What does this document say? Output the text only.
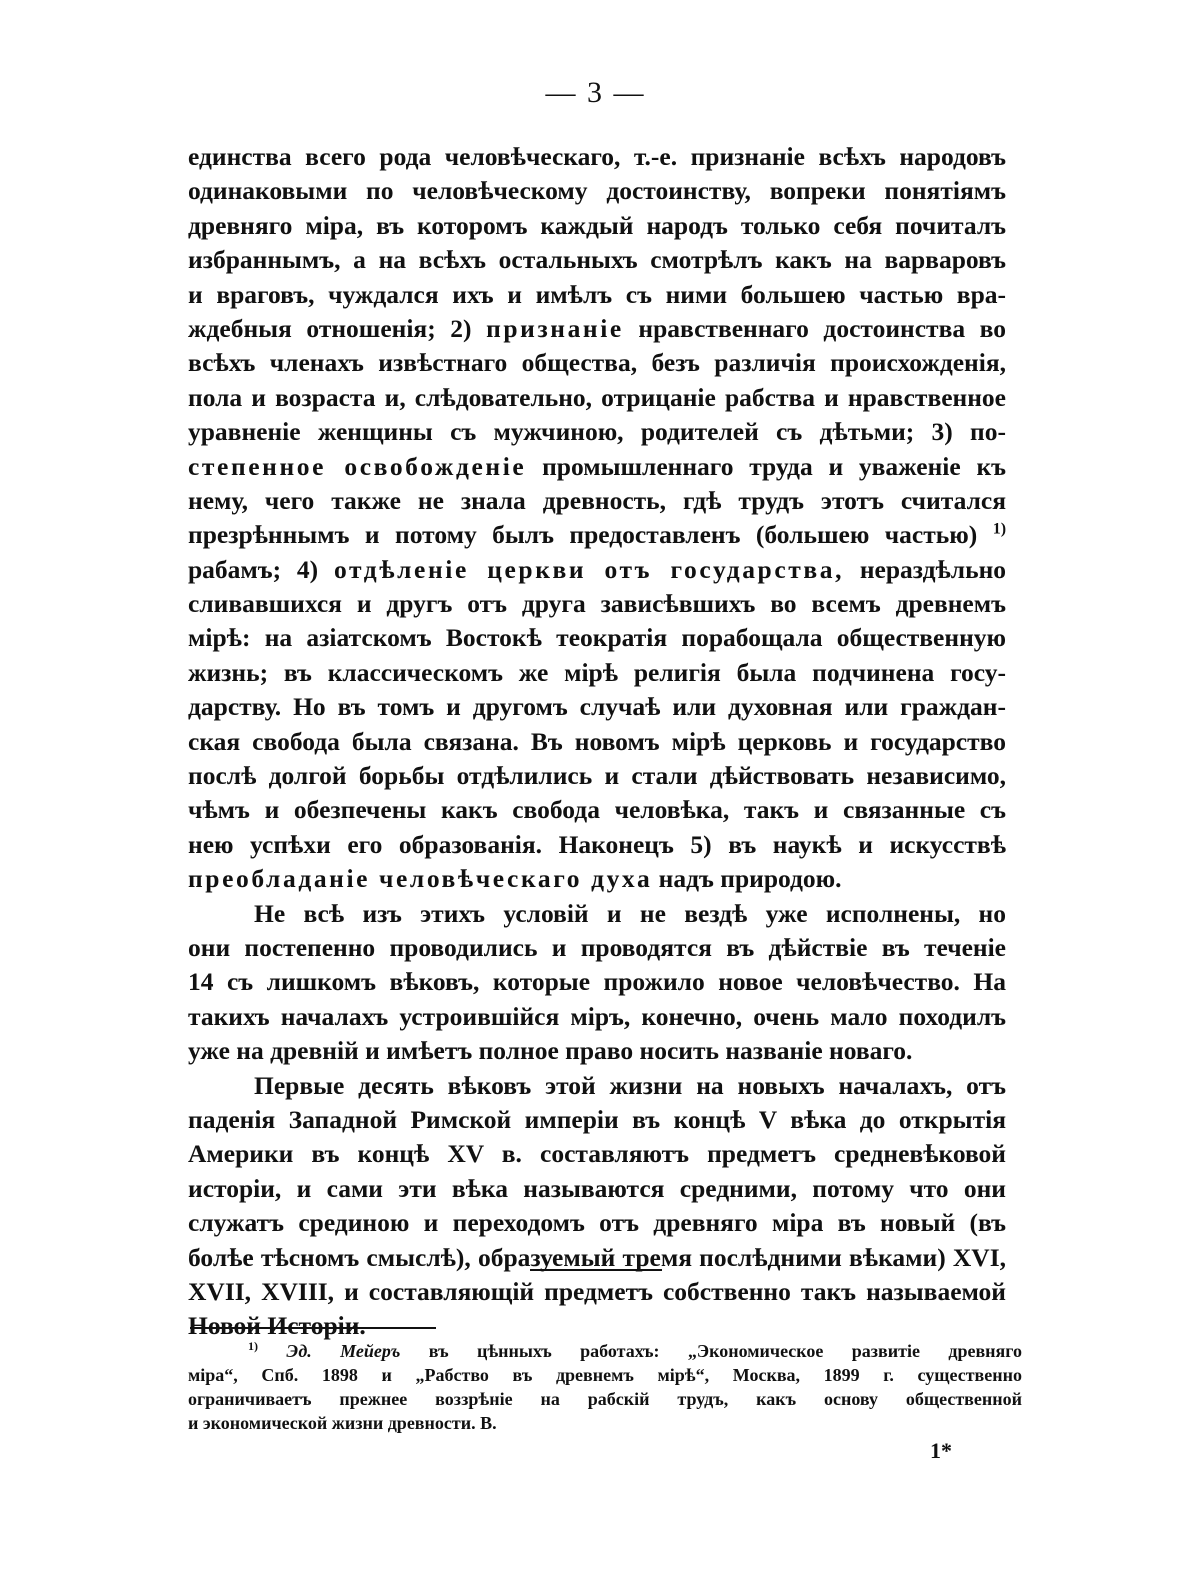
— 3 —
единства всего рода человѣческаго, т.-е. признаніе всѣхъ народовъ
одинаковыми по человѣческому достоинству, вопреки понятіямъ
древняго міра, въ которомъ каждый народъ только себя почиталъ
избраннымъ, а на всѣхъ остальныхъ смотрѣлъ какъ на варваровъ
и враговъ, чуждался ихъ и имѣлъ съ ними большею частью вра-
ждебныя отношенія; 2) признаніе нравственнаго достоинства во
всѣхъ членахъ извѣстнаго общества, безъ различія происхожденія,
пола и возраста и, слѣдовательно, отрицаніе рабства и нравственное
уравненіе женщины съ мужчиною, родителей съ дѣтьми; 3) по-
степенное освобожденіе промышленнаго труда и уваженіе къ
нему, чего также не знала древность, гдѣ трудъ этотъ считался
презрѣннымъ и потому былъ предоставленъ (большею частью) $^{1)}$
рабамъ; 4) отдѣленіе церкви отъ государства, нераздѣльно
сливавшихся и другъ отъ друга зависѣвшихъ во всемъ древнемъ
мірѣ: на азіатскомъ Востокѣ теократія порабощала общественную
жизнь; въ классическомъ же мірѣ религія была подчинена госу-
дарству. Но въ томъ и другомъ случаѣ или духовная или граждан-
ская свобода была связана. Въ новомъ мірѣ церковь и государство
послѣ долгой борьбы отдѣлились и стали дѣйствовать независимо,
чѣмъ и обезпечены какъ свобода человѣка, такъ и связанные съ
нею успѣхи его образованія. Наконецъ 5) въ наукѣ и искусствѣ
преобладаніе человѣческаго духа надъ природою.
Не всѣ изъ этихъ условій и не вездѣ уже исполнены, но
они постепенно проводились и проводятся въ дѣйствіе въ теченіе
14 съ лишкомъ вѣковъ, которые прожило новое человѣчество. На
такихъ началахъ устроившійся міръ, конечно, очень мало походилъ
уже на древній и имѣетъ полное право носить названіе новаго.
Первые десять вѣковъ этой жизни на новыхъ началахъ, отъ
паденія Западной Римской имперіи въ концѣ V вѣка до открытія
Америки въ концѣ XV в. составляютъ предметъ средневѣковой
исторіи, и сами эти вѣка называются средними, потому что они
служатъ срединою и переходомъ отъ древняго міра въ новый (въ
болѣе тѣсномъ смыслѣ), образуемый тремя послѣдними вѣками) XVI,
XVII, XVIII, и составляющій предметъ собственно такъ называемой
Новой Исторіи.
$^{1)}$ Эд. Мейеръ въ цѣнныхъ работахъ: „Экономическое развитіе древняго
міра“, Спб. 1898 и „Рабство въ древнемъ мірѣ“, Москва, 1899 г. существенно
ограничиваетъ прежнее воззрѣніе на рабскій трудъ, какъ основу общественной
и экономической жизни древности. В.
1*
